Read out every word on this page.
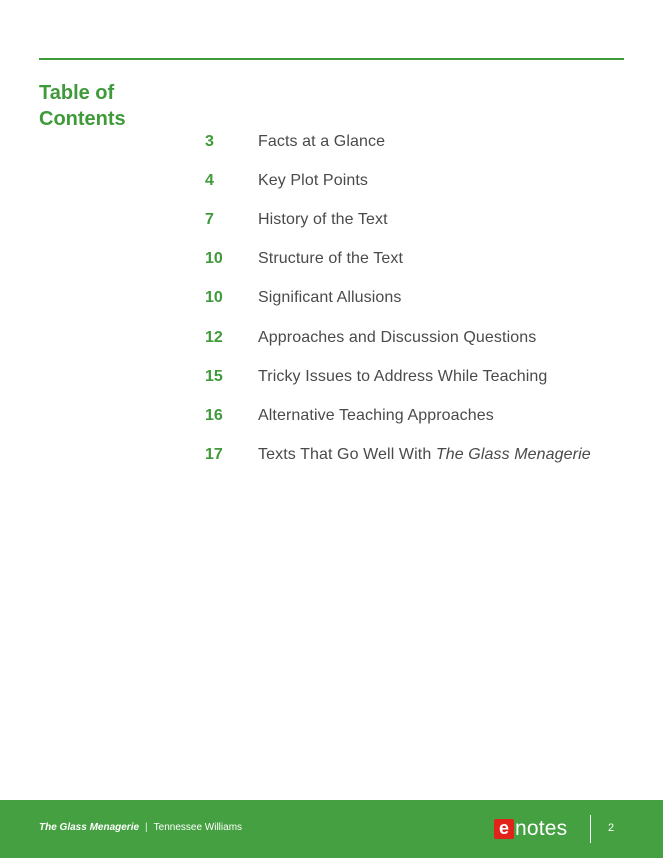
Table of Contents
3	Facts at a Glance
4	Key Plot Points
7	History of the Text
10	Structure of the Text
10	Significant Allusions
12	Approaches and Discussion Questions
15	Tricky Issues to Address While Teaching
16	Alternative Teaching Approaches
17	Texts That Go Well With The Glass Menagerie
The Glass Menagerie | Tennessee Williams	e notes	2
